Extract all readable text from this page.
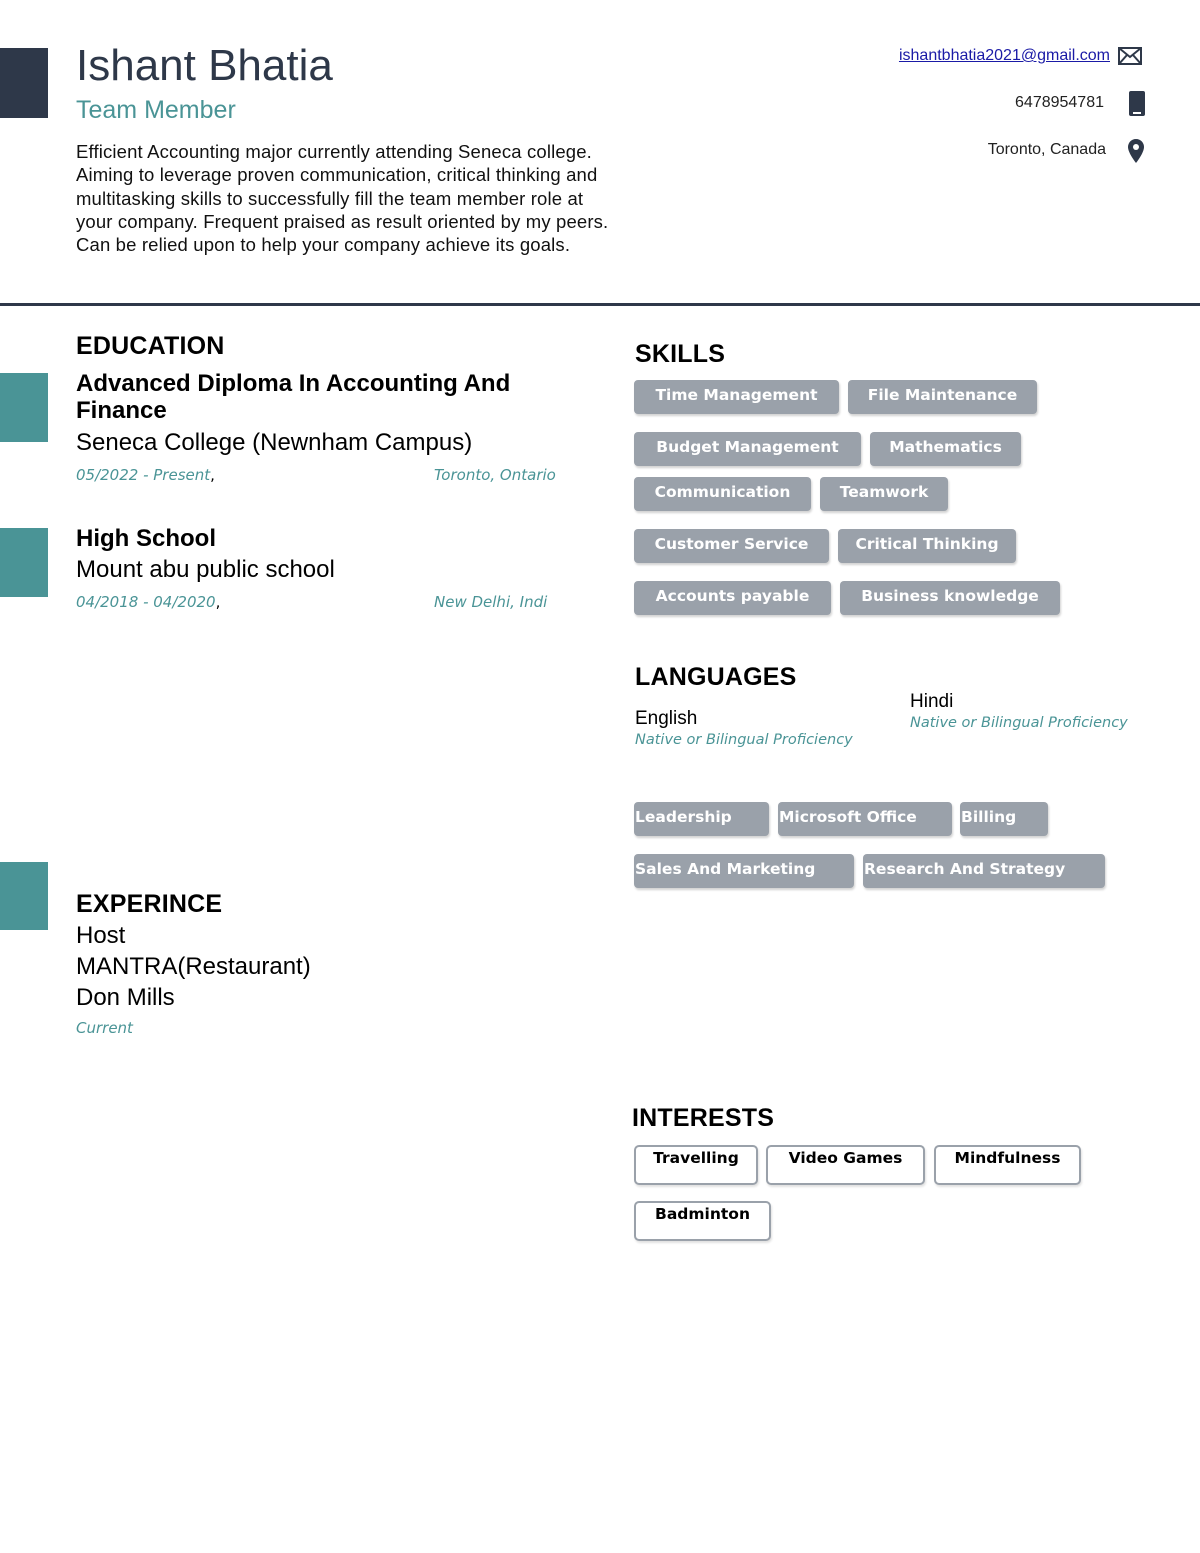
Ishant Bhatia
Team Member
Efficient Accounting major currently attending Seneca college. Aiming to leverage proven communication, critical thinking and multitasking skills to successfully fill the team member role at your company. Frequent praised as result oriented by my peers. Can be relied upon to help your company achieve its goals.
ishantbhatia2021@gmail.com
6478954781
Toronto, Canada
EDUCATION
Advanced Diploma In Accounting And Finance
Seneca College (Newnham Campus)
05/2022 - Present,	Toronto, Ontario
High School
Mount abu public school
04/2018 - 04/2020,	New Delhi, Indi
SKILLS
Time Management	File Maintenance
Budget Management	Mathematics
Communication	Teamwork
Customer Service	Critical Thinking
Accounts payable	Business knowledge
LANGUAGES
English
Native or Bilingual Proficiency
Hindi
Native or Bilingual Proficiency
Leadership	Microsoft Office	Billing
Sales And Marketing	Research And Strategy
EXPERINCE
Host
MANTRA(Restaurant)
Don Mills
Current
INTERESTS
Travelling	Video Games	Mindfulness
Badminton
